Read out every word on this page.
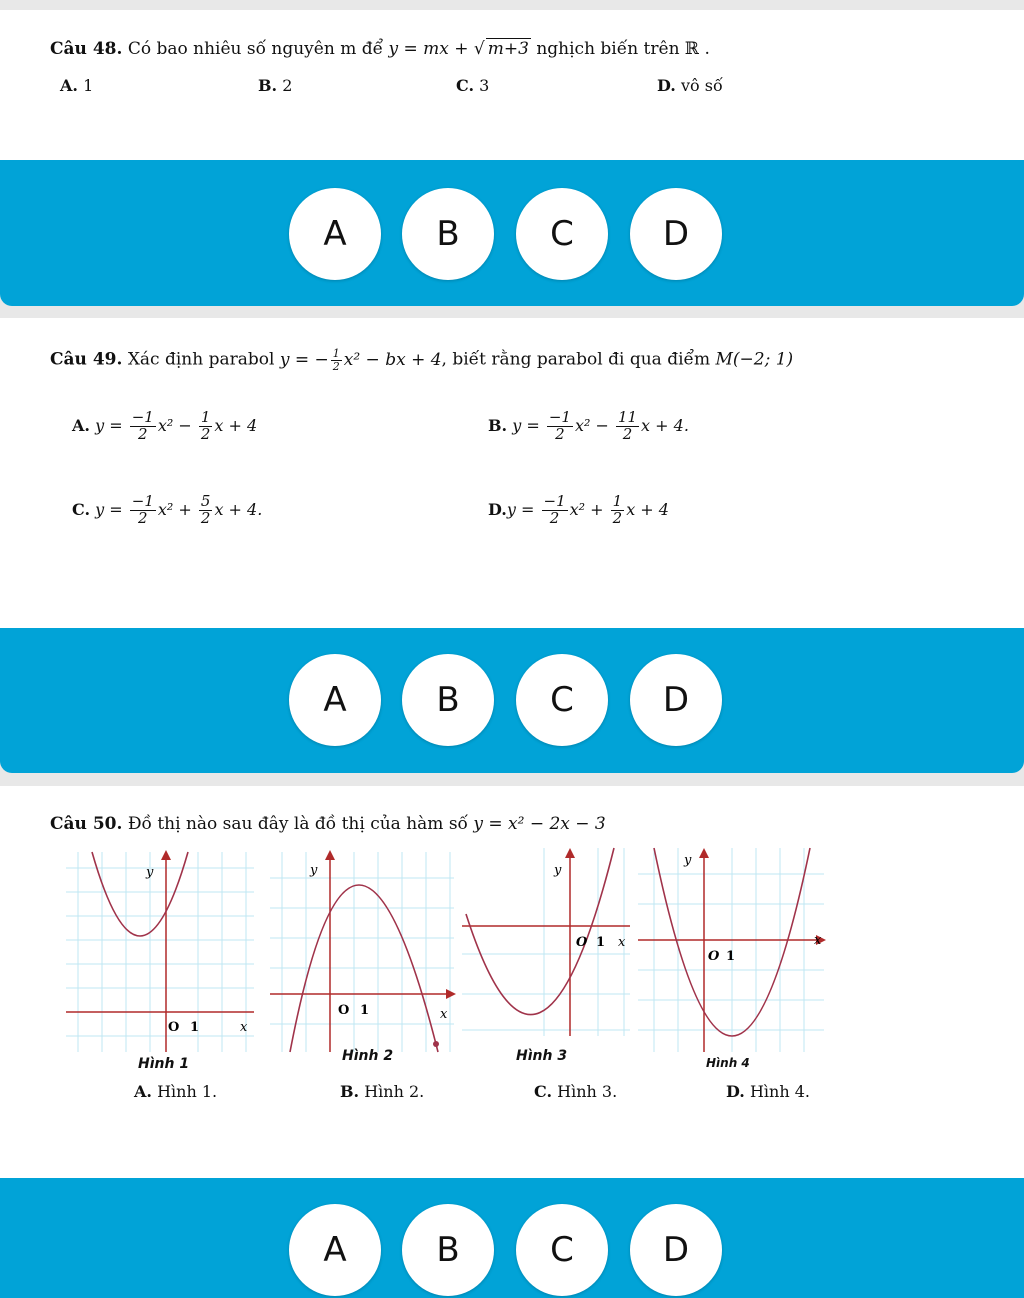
Câu 48. Có bao nhiêu số nguyên m để y = mx + √ m+3 nghịch biến trên ℝ .
A. 1	B. 2	C. 3	D. vô số
A	B	C	D
Câu 49. Xác định parabol y = − $\frac{1}{2} x^2$ − bx + 4, biết rằng parabol đi qua điểm M(−2; 1)
A. $y = \frac{-1}{2} x^2 - \frac{1}{2}$ x + 4	B. $y = \frac{-1}{2} x^2 - \frac{11}{2}$ x + 4.
C. $y = \frac{-1}{2} x^2 + \frac{5}{2}$ x + 4.	$D.y = \frac{-1}{2} x^2 + \frac{1}{2}$ x + 4
A	B	C	D
Câu 50. Đồ thị nào sau đây là đồ thị của hàm số y = x² − 2x − 3
y
O 1	x
Hình 1
y
O 1	x
Hình 2
y
O 1 x
Hình 3
y
O 1
x
Hình 4
A. Hình 1.	B. Hình 2.	C. Hình 3.	D. Hình 4.
A	B	C	D
